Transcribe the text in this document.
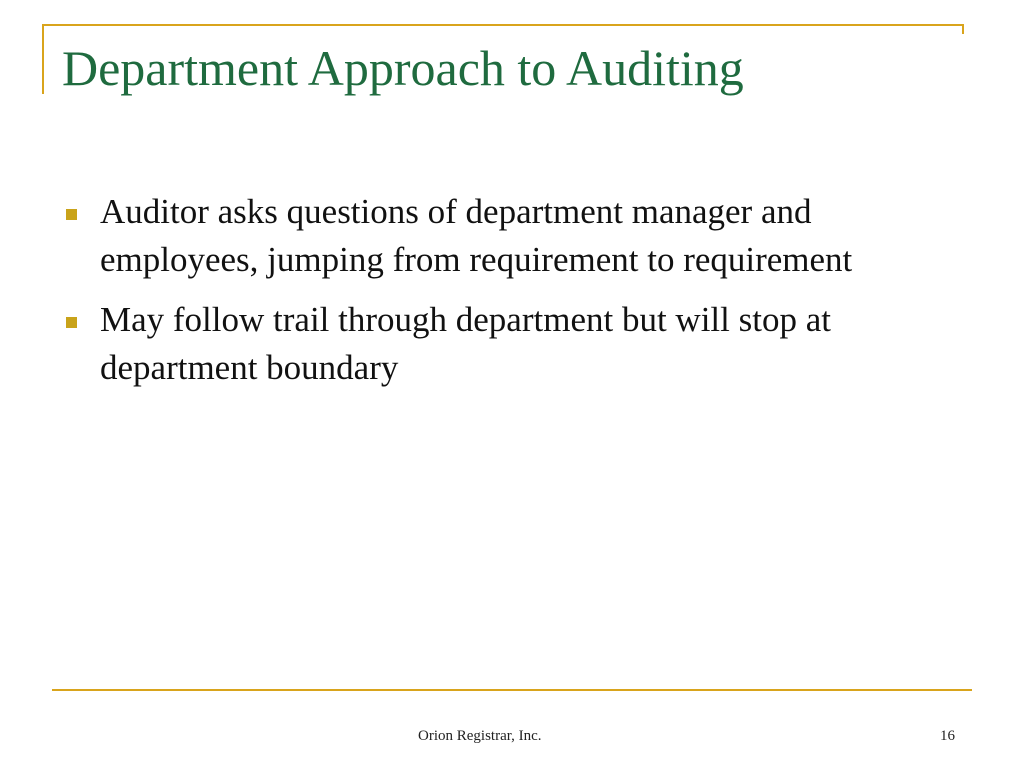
Department Approach to Auditing
Auditor asks questions of department manager and employees, jumping from requirement to requirement
May follow trail through department but will stop at department boundary
Orion Registrar, Inc.	16
